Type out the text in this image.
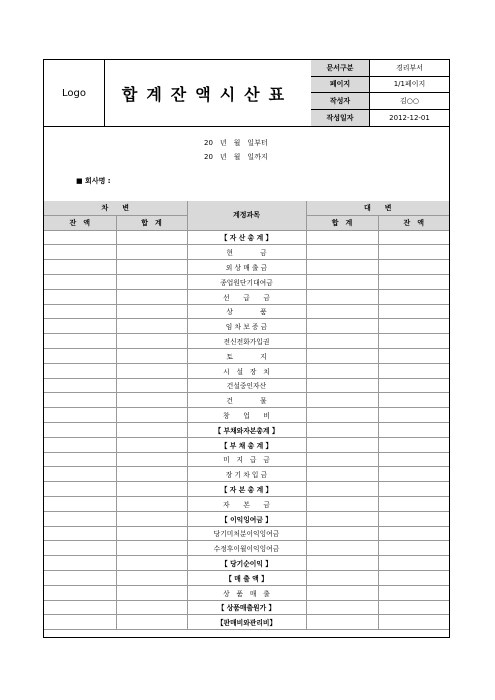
Logo	합계잔액시산표
문서구분	경리부서
페이지	1/1페이지
작성자	김○○
작성일자	2012-12-01
20　년　월　일부터
20　년　월　일까지
■ 회사명 :
차　　변		계정과목	대　　변	
잔　액	합　계		합　계	잔　액
		【 자 산 총 계 】		
		현　　　　금		
		외 상 매 출 금		
		종업원단기대여금		
		선　　급　　금		
		상　　　　품		
		임 차 보 증 금		
		전신전화가입권		
		토　　　　지		
		시　설　장　치		
		건설중인자산		
		건　　　　물		
		창　　업　　비		
		【 부채와자본총계 】		
		【 부 채 총 계 】		
		미　지　급　금		
		장 기 차 입 금		
		【 자 본 총 계 】		
		자　　본　　금		
		【 이익잉여금 】		
		당기미처분이익잉여금		
		수정후이월이익잉여금		
		【 당기순이익 】		
		【 매 출 액 】		
		상　품　매　출		
		【 상품매출원가 】		
		【판매비와관리비】		
